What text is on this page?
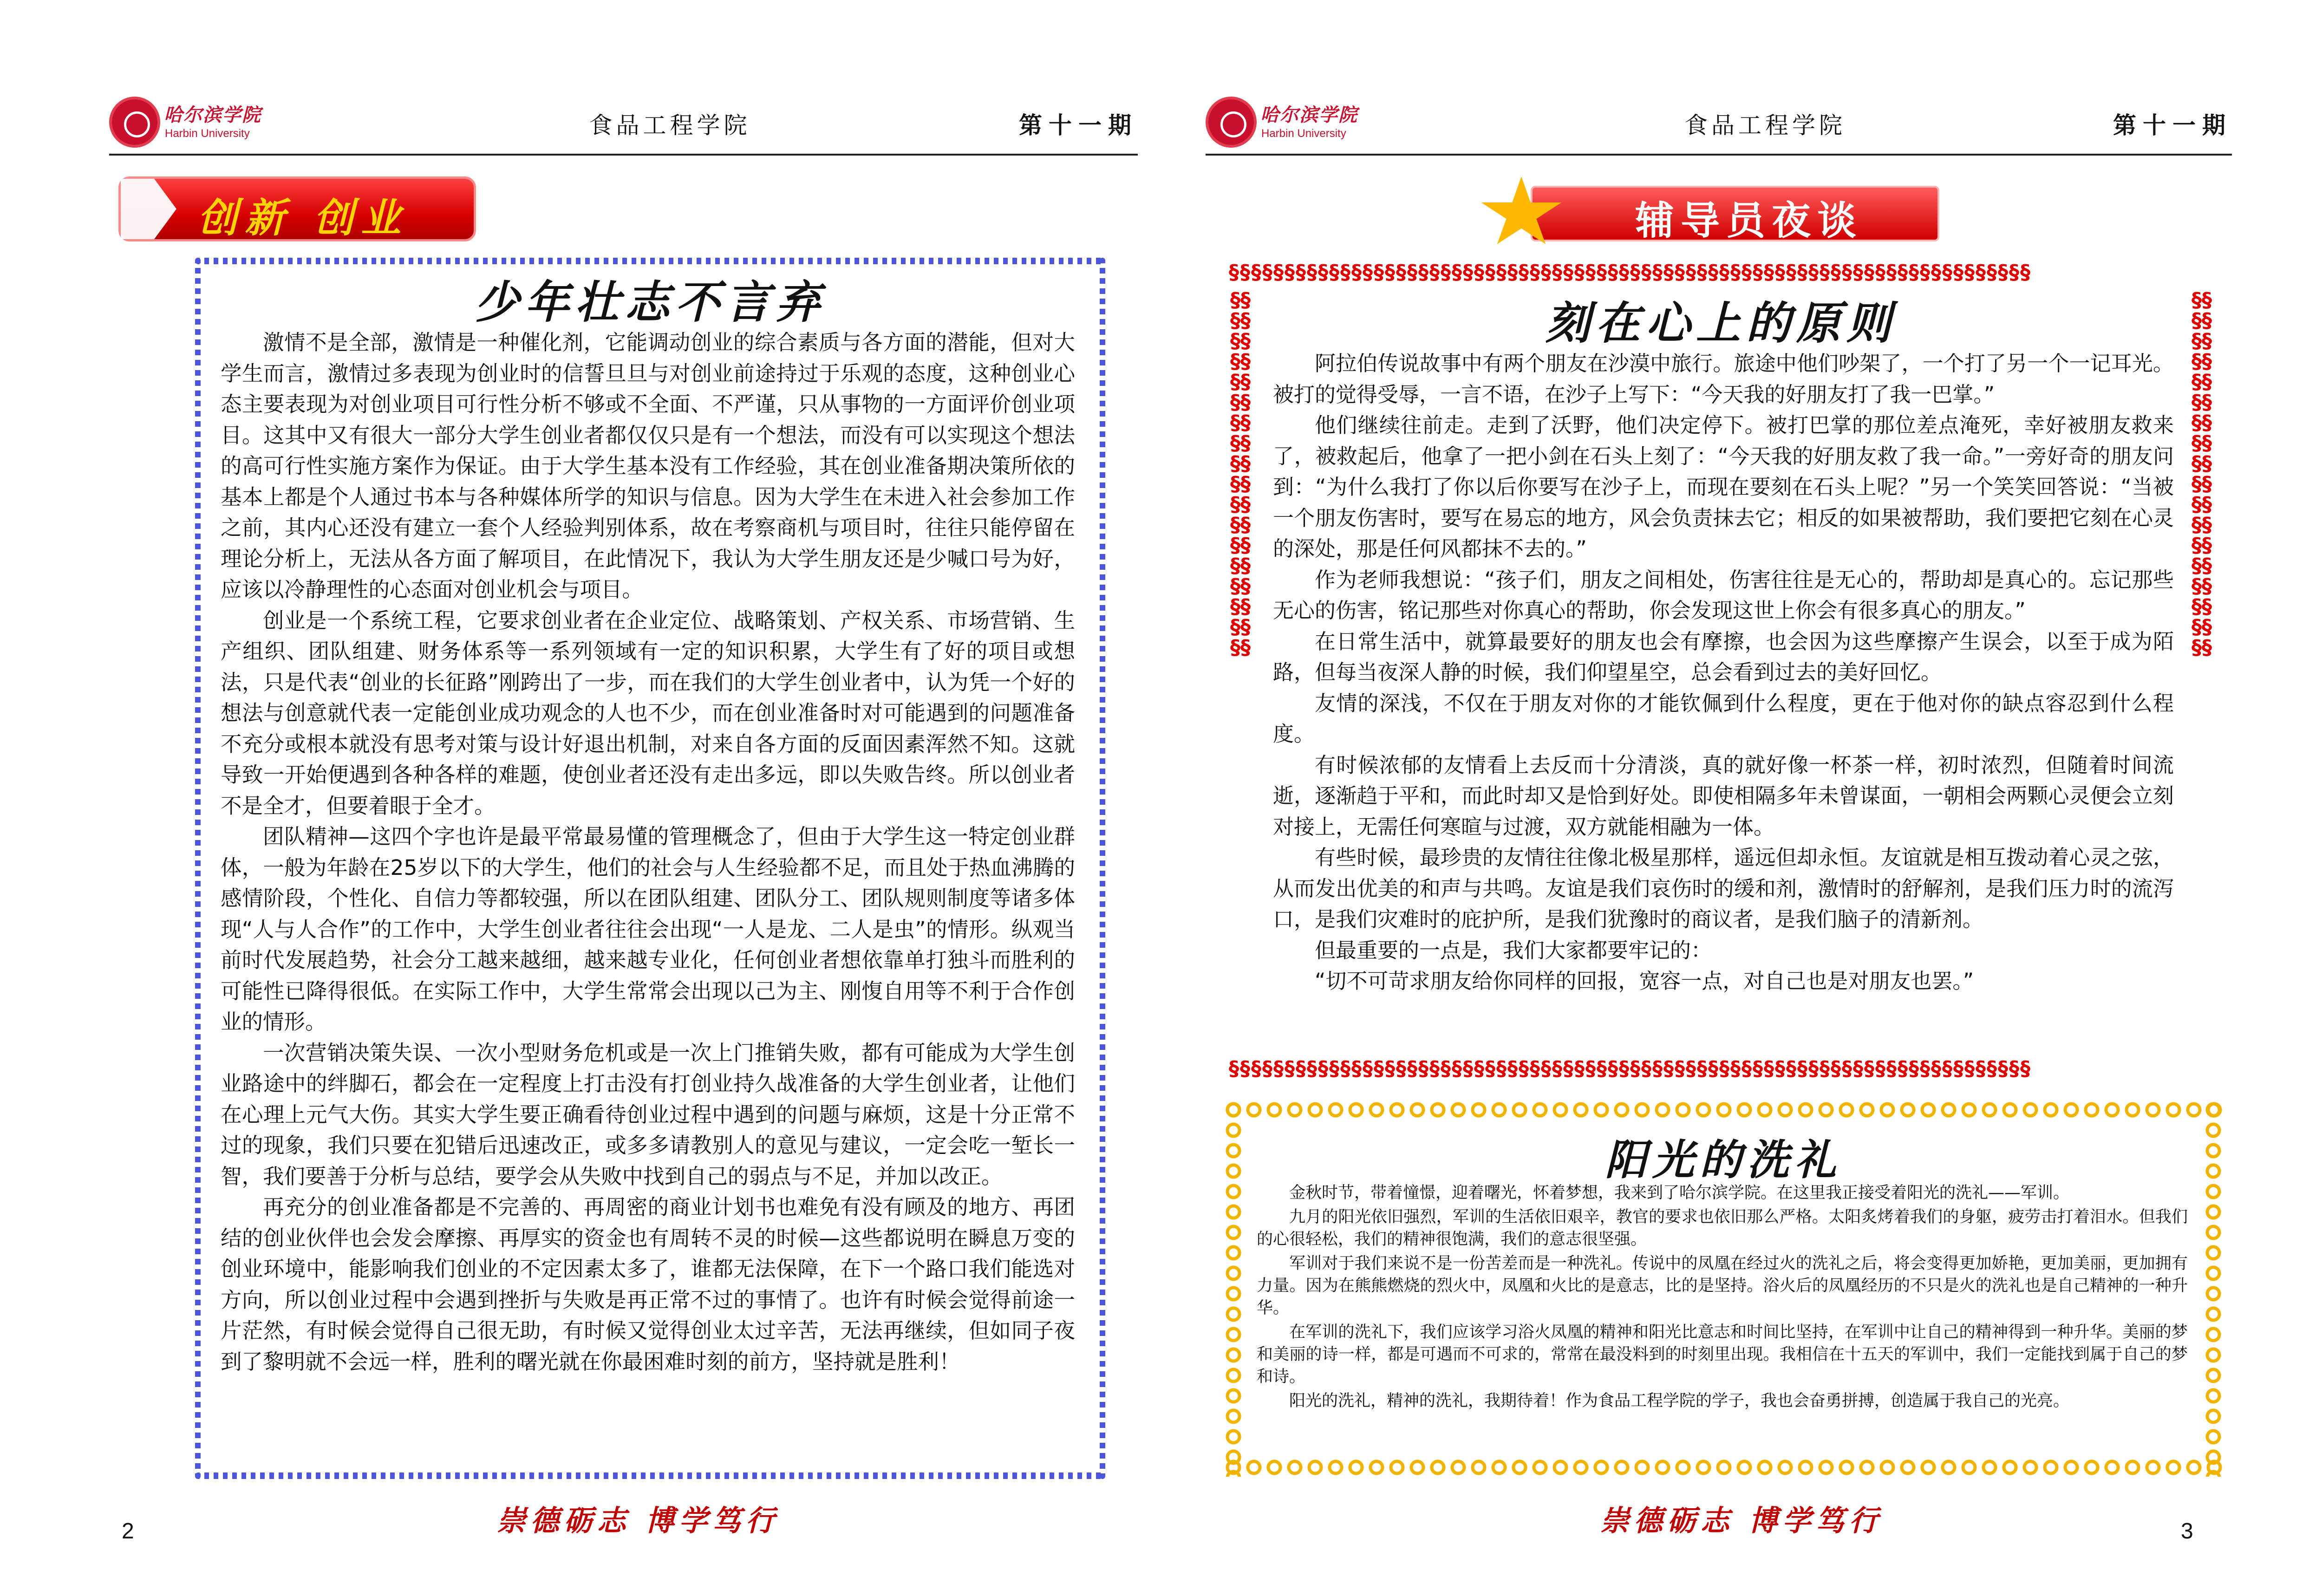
哈尔滨学院
Harbin University	食品工程学院	第十一期
创新 创业
少年壮志不言弃

激情不是全部，激情是一种催化剂，它能调动创业的综合素质与各方面的潜能，但对大学生而言，激情过多表现为创业时的信誓旦旦与对创业前途持过于乐观的态度，这种创业心态主要表现为对创业项目可行性分析不够或不全面、不严谨，只从事物的一方面评价创业项目。这其中又有很大一部分大学生创业者都仅仅只是有一个想法，而没有可以实现这个想法的高可行性实施方案作为保证。由于大学生基本没有工作经验，其在创业准备期决策所依的基本上都是个人通过书本与各种媒体所学的知识与信息。因为大学生在未进入社会参加工作之前，其内心还没有建立一套个人经验判别体系，故在考察商机与项目时，往往只能停留在理论分析上，无法从各方面了解项目，在此情况下，我认为大学生朋友还是少喊口号为好，应该以冷静理性的心态面对创业机会与项目。

创业是一个系统工程，它要求创业者在企业定位、战略策划、产权关系、市场营销、生产组织、团队组建、财务体系等一系列领域有一定的知识积累，大学生有了好的项目或想法，只是代表“创业的长征路”刚跨出了一步，而在我们的大学生创业者中，认为凭一个好的想法与创意就代表一定能创业成功观念的人也不少，而在创业准备时对可能遇到的问题准备不充分或根本就没有思考对策与设计好退出机制，对来自各方面的反面因素浑然不知。这就导致一开始便遇到各种各样的难题，使创业者还没有走出多远，即以失败告终。所以创业者不是全才，但要着眼于全才。

团队精神—这四个字也许是最平常最易懂的管理概念了，但由于大学生这一特定创业群体，一般为年龄在25岁以下的大学生，他们的社会与人生经验都不足，而且处于热血沸腾的感情阶段，个性化、自信力等都较强，所以在团队组建、团队分工、团队规则制度等诸多体现“人与人合作”的工作中，大学生创业者往往会出现“一人是龙、二人是虫”的情形。纵观当前时代发展趋势，社会分工越来越细，越来越专业化，任何创业者想依靠单打独斗而胜利的可能性已降得很低。在实际工作中，大学生常常会出现以己为主、刚愎自用等不利于合作创业的情形。

一次营销决策失误、一次小型财务危机或是一次上门推销失败，都有可能成为大学生创业路途中的绊脚石，都会在一定程度上打击没有打创业持久战准备的大学生创业者，让他们在心理上元气大伤。其实大学生要正确看待创业过程中遇到的问题与麻烦，这是十分正常不过的现象，我们只要在犯错后迅速改正，或多多请教别人的意见与建议，一定会吃一堑长一智，我们要善于分析与总结，要学会从失败中找到自己的弱点与不足，并加以改正。

再充分的创业准备都是不完善的、再周密的商业计划书也难免有没有顾及的地方、再团结的创业伙伴也会发会摩擦、再厚实的资金也有周转不灵的时候—这些都说明在瞬息万变的创业环境中，能影响我们创业的不定因素太多了，谁都无法保障，在下一个路口我们能选对方向，所以创业过程中会遇到挫折与失败是再正常不过的事情了。也许有时候会觉得前途一片茫然，有时候会觉得自己很无助，有时候又觉得创业太过辛苦，无法再继续，但如同子夜到了黎明就不会远一样，胜利的曙光就在你最困难时刻的前方，坚持就是胜利！

崇德砺志 博学笃行
2
哈尔滨学院
Harbin University	食品工程学院	第十一期
辅导员夜谈
§§§§§§§§§§§§§§§§§§§§§§§§§§§§§§§§§§§§§§§§§§§§§§§§§§§§§§§§§§§§§§§§§§§§§§§§
§§§§§§§§§§§§§§§§§§§§§§§§§§§§§§§§§§§§§§§§§§§§§§§§§§§§§§§§§§§§§§§§§§§§§§§§
§§§§§§§§§§§§§§§§§§§§§§§§§§§§§§§§§§§§
§§§§§§§§§§§§§§§§§§§§§§§§§§§§§§§§§§§§
刻在心上的原则

阿拉伯传说故事中有两个朋友在沙漠中旅行。旅途中他们吵架了，一个打了另一个一记耳光。被打的觉得受辱，一言不语，在沙子上写下：“今天我的好朋友打了我一巴掌。”

他们继续往前走。走到了沃野，他们决定停下。被打巴掌的那位差点淹死，幸好被朋友救来了，被救起后，他拿了一把小剑在石头上刻了：“今天我的好朋友救了我一命。”一旁好奇的朋友问到：“为什么我打了你以后你要写在沙子上，而现在要刻在石头上呢？”另一个笑笑回答说：“当被一个朋友伤害时，要写在易忘的地方，风会负责抹去它；相反的如果被帮助，我们要把它刻在心灵的深处，那是任何风都抹不去的。”

作为老师我想说：“孩子们，朋友之间相处，伤害往往是无心的，帮助却是真心的。忘记那些无心的伤害，铭记那些对你真心的帮助，你会发现这世上你会有很多真心的朋友。”

在日常生活中，就算最要好的朋友也会有摩擦，也会因为这些摩擦产生误会，以至于成为陌路，但每当夜深人静的时候，我们仰望星空，总会看到过去的美好回忆。

友情的深浅，不仅在于朋友对你的才能钦佩到什么程度，更在于他对你的缺点容忍到什么程度。

有时候浓郁的友情看上去反而十分清淡，真的就好像一杯茶一样，初时浓烈，但随着时间流逝，逐渐趋于平和，而此时却又是恰到好处。即使相隔多年未曾谋面，一朝相会两颗心灵便会立刻对接上，无需任何寒暄与过渡，双方就能相融为一体。

有些时候，最珍贵的友情往往像北极星那样，遥远但却永恒。友谊就是相互拨动着心灵之弦，从而发出优美的和声与共鸣。友谊是我们哀伤时的缓和剂，激情时的舒解剂，是我们压力时的流泻口，是我们灾难时的庇护所，是我们犹豫时的商议者，是我们脑子的清新剂。

但最重要的一点是，我们大家都要牢记的：

“切不可苛求朋友给你同样的回报，宽容一点，对自己也是对朋友也罢。”

阳光的洗礼

金秋时节，带着憧憬，迎着曙光，怀着梦想，我来到了哈尔滨学院。在这里我正接受着阳光的洗礼——军训。

九月的阳光依旧强烈，军训的生活依旧艰辛，教官的要求也依旧那么严格。太阳炙烤着我们的身躯，疲劳击打着泪水。但我们的心很轻松，我们的精神很饱满，我们的意志很坚强。

军训对于我们来说不是一份苦差而是一种洗礼。传说中的凤凰在经过火的洗礼之后，将会变得更加娇艳，更加美丽，更加拥有力量。因为在熊熊燃烧的烈火中，凤凰和火比的是意志，比的是坚持。浴火后的凤凰经历的不只是火的洗礼也是自己精神的一种升华。

在军训的洗礼下，我们应该学习浴火凤凰的精神和阳光比意志和时间比坚持，在军训中让自己的精神得到一种升华。美丽的梦和美丽的诗一样，都是可遇而不可求的，常常在最没料到的时刻里出现。我相信在十五天的军训中，我们一定能找到属于自己的梦和诗。

阳光的洗礼，精神的洗礼，我期待着！作为食品工程学院的学子，我也会奋勇拼搏，创造属于我自己的光亮。

崇德砺志 博学笃行	3
